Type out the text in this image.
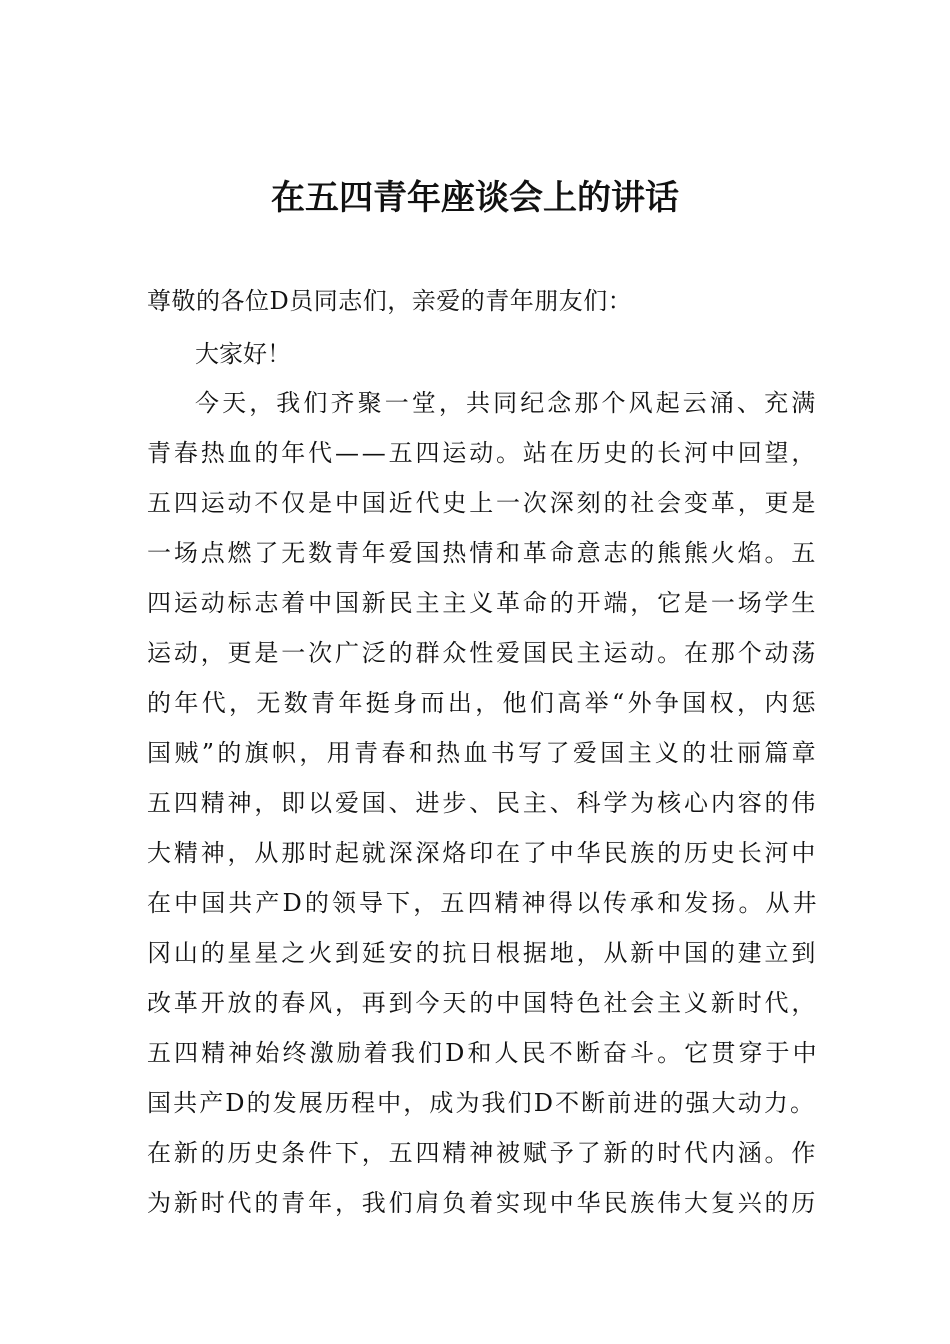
在五四青年座谈会上的讲话
尊敬的各位D员同志们，亲爱的青年朋友们：
大家好！
今天，我们齐聚一堂，共同纪念那个风起云涌、充满
青春热血的年代——五四运动。站在历史的长河中回望，
五四运动不仅是中国近代史上一次深刻的社会变革，更是
一场点燃了无数青年爱国热情和革命意志的熊熊火焰。五
四运动标志着中国新民主主义革命的开端，它是一场学生
运动，更是一次广泛的群众性爱国民主运动。在那个动荡
的年代，无数青年挺身而出，他们高举“外争国权，内惩
国贼”的旗帜，用青春和热血书写了爱国主义的壮丽篇章
五四精神，即以爱国、进步、民主、科学为核心内容的伟
大精神，从那时起就深深烙印在了中华民族的历史长河中
在中国共产D的领导下，五四精神得以传承和发扬。从井
冈山的星星之火到延安的抗日根据地，从新中国的建立到
改革开放的春风，再到今天的中国特色社会主义新时代，
五四精神始终激励着我们D和人民不断奋斗。它贯穿于中
国共产D的发展历程中，成为我们D不断前进的强大动力。
在新的历史条件下，五四精神被赋予了新的时代内涵。作
为新时代的青年，我们肩负着实现中华民族伟大复兴的历
